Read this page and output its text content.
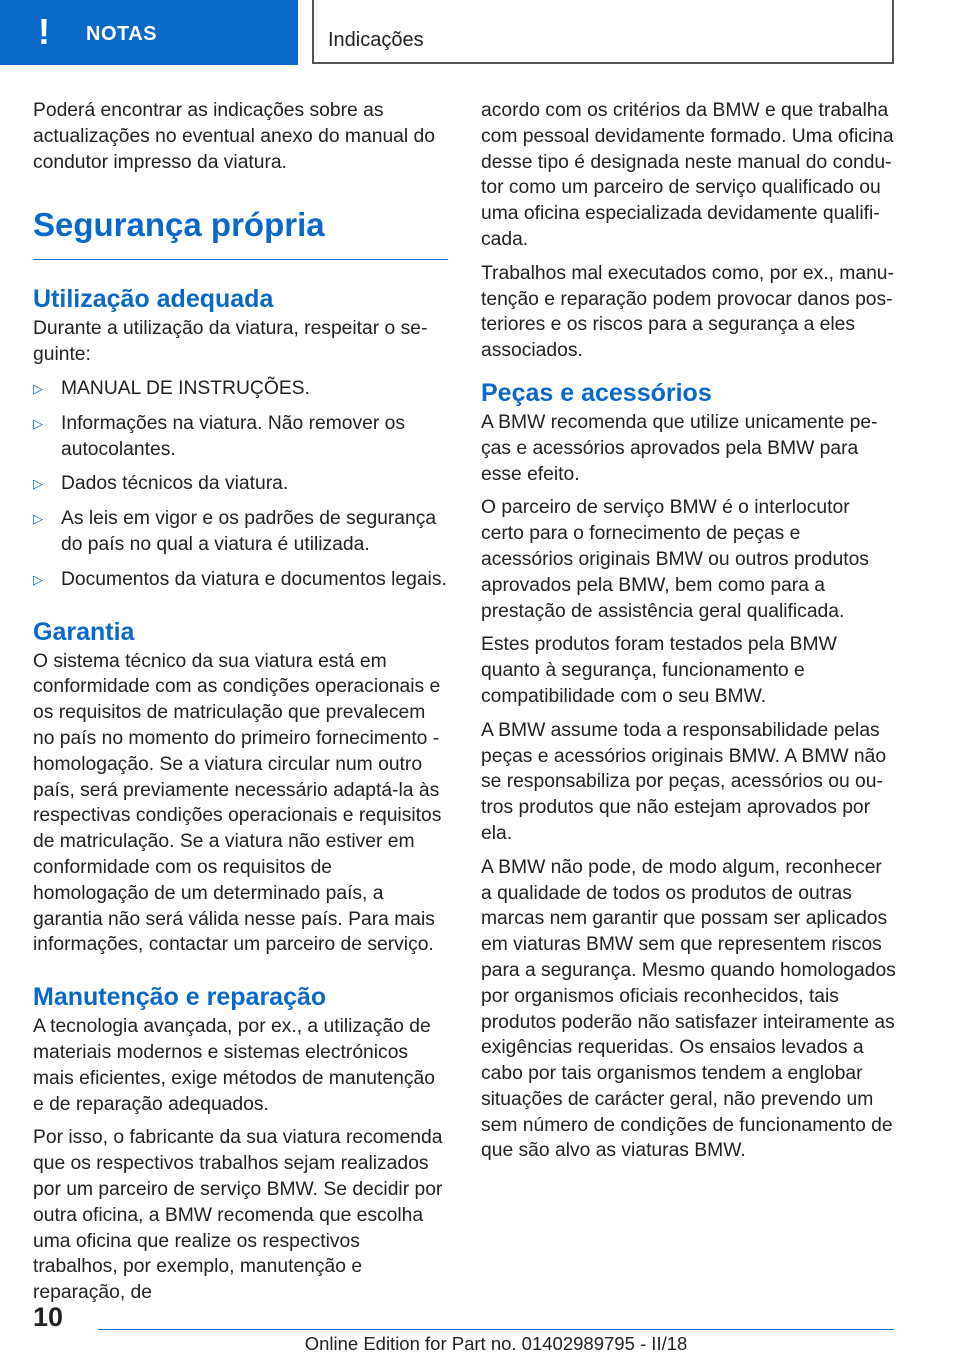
! NOTAS	Indicações

Poderá encontrar as indicações sobre as actualizações no eventual anexo do manual do condutor impresso da viatura.

Segurança própria
Utilização adequada

Durante a utilização da viatura, respeitar o seguinte:

▷ MANUAL DE INSTRUÇÕES.
▷ Informações na viatura. Não remover os autocolantes.
▷ Dados técnicos da viatura.
▷ As leis em vigor e os padrões de segurança do país no qual a viatura é utilizada.
▷ Documentos da viatura e documentos legais.
Garantia

O sistema técnico da sua viatura está em conformidade com as condições operacionais e os requisitos de matriculação que prevalecem no país no momento do primeiro fornecimento - homologação. Se a viatura circular num outro país, será previamente necessário adaptá-la às respectivas condições operacionais e requisitos de matriculação. Se a viatura não estiver em conformidade com os requisitos de homologação de um determinado país, a garantia não será válida nesse país. Para mais informações, contactar um parceiro de serviço.

Manutenção e reparação

A tecnologia avançada, por ex., a utilização de materiais modernos e sistemas electrónicos mais eficientes, exige métodos de manutenção e de reparação adequados.

Por isso, o fabricante da sua viatura recomenda que os respectivos trabalhos sejam realizados por um parceiro de serviço BMW. Se decidir por outra oficina, a BMW recomenda que escolha uma oficina que realize os respectivos trabalhos, por exemplo, manutenção e reparação, de

acordo com os critérios da BMW e que trabalha com pessoal devidamente formado. Uma oficina desse tipo é designada neste manual do condutor como um parceiro de serviço qualificado ou uma oficina especializada devidamente qualificada.

Trabalhos mal executados como, por ex., manutenção e reparação podem provocar danos posteriores e os riscos para a segurança a eles associados.

Peças e acessórios

A BMW recomenda que utilize unicamente peças e acessórios aprovados pela BMW para esse efeito.

O parceiro de serviço BMW é o interlocutor certo para o fornecimento de peças e acessórios originais BMW ou outros produtos aprovados pela BMW, bem como para a prestação de assistência geral qualificada.

Estes produtos foram testados pela BMW quanto à segurança, funcionamento e compatibilidade com o seu BMW.

A BMW assume toda a responsabilidade pelas peças e acessórios originais BMW. A BMW não se responsabiliza por peças, acessórios ou outros produtos que não estejam aprovados por ela.

A BMW não pode, de modo algum, reconhecer a qualidade de todos os produtos de outras marcas nem garantir que possam ser aplicados em viaturas BMW sem que representem riscos para a segurança. Mesmo quando homologados por organismos oficiais reconhecidos, tais produtos poderão não satisfazer inteiramente as exigências requeridas. Os ensaios levados a cabo por tais organismos tendem a englobar situações de carácter geral, não prevendo um sem número de condições de funcionamento de que são alvo as viaturas BMW.

10
Online Edition for Part no. 01402989795 - II/18
